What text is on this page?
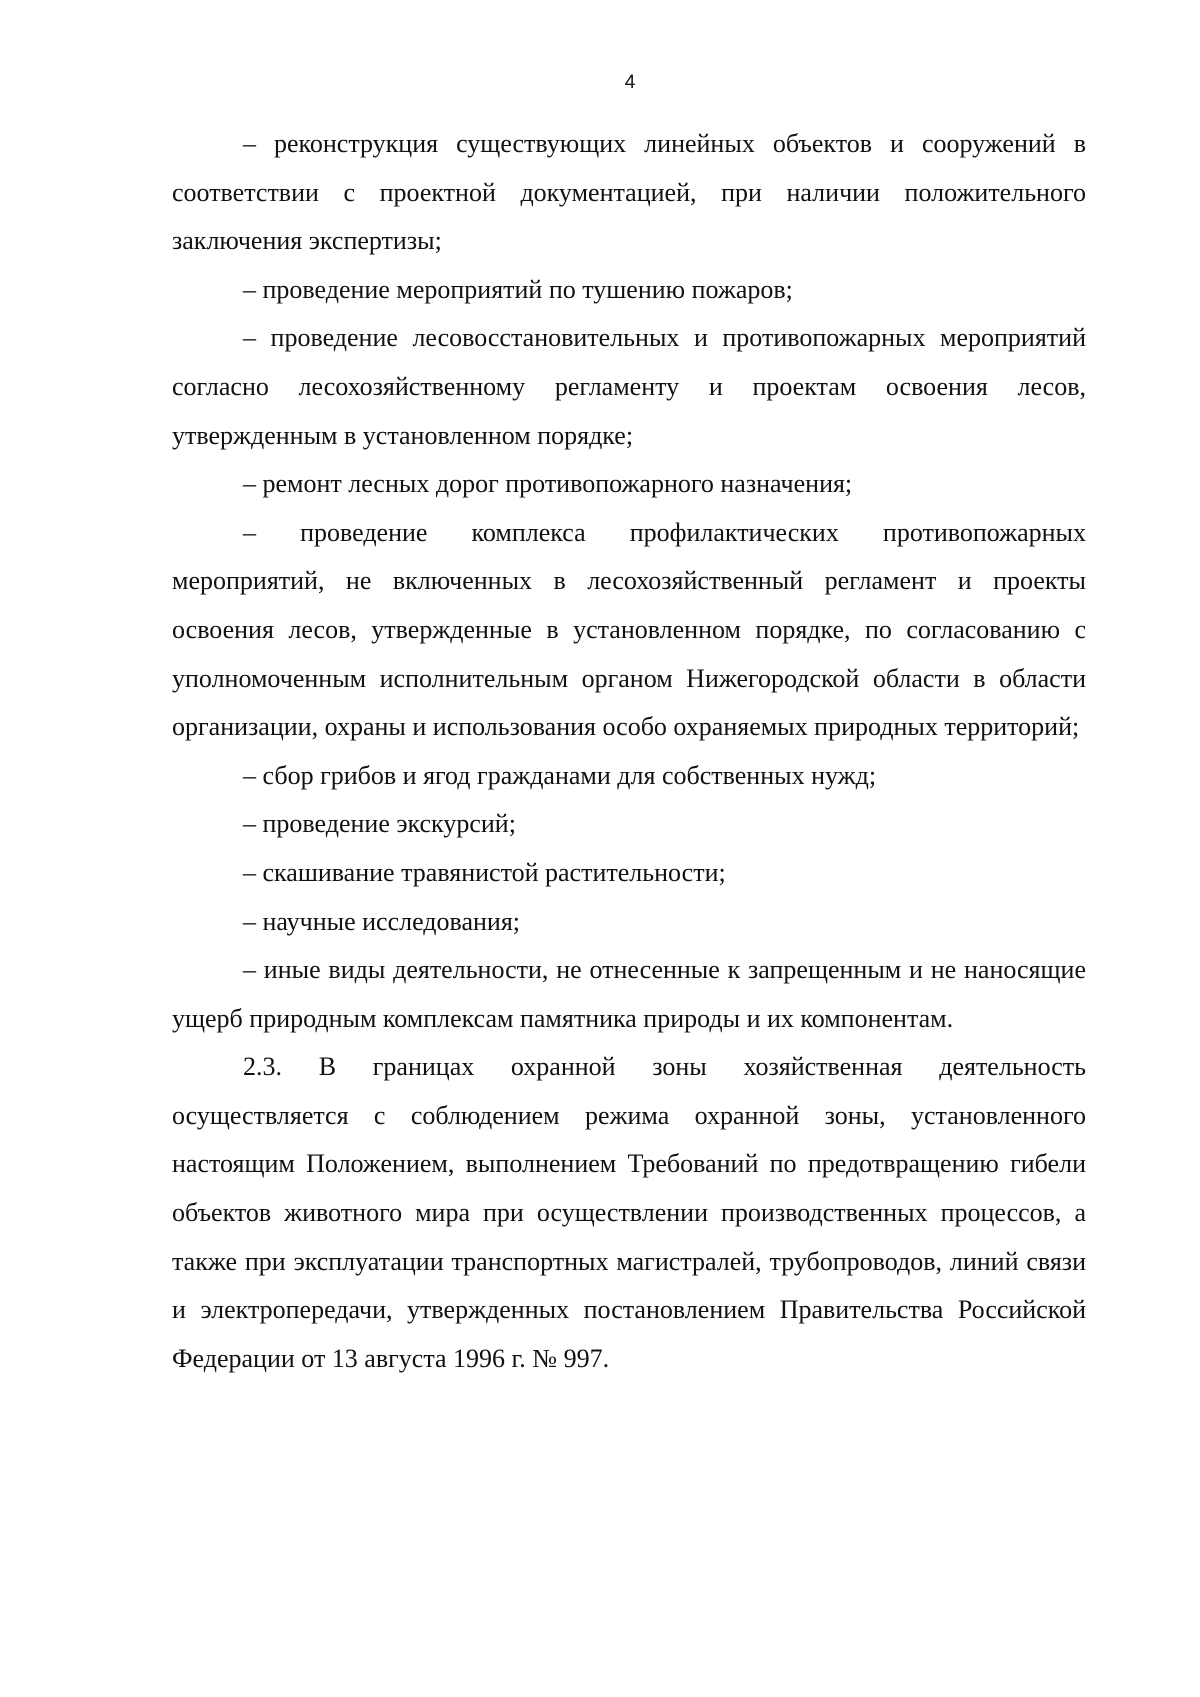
4

– реконструкция существующих линейных объектов и сооружений в соответствии с проектной документацией, при наличии положительного заключения экспертизы;

– проведение мероприятий по тушению пожаров;

– проведение лесовосстановительных и противопожарных мероприятий согласно лесохозяйственному регламенту и проектам освоения лесов, утвержденным в установленном порядке;

– ремонт лесных дорог противопожарного назначения;

– проведение комплекса профилактических противопожарных мероприятий, не включенных в лесохозяйственный регламент и проекты освоения лесов, утвержденные в установленном порядке, по согласованию с уполномоченным исполнительным органом Нижегородской области в области организации, охраны и использования особо охраняемых природных территорий;

– сбор грибов и ягод гражданами для собственных нужд;

– проведение экскурсий;

– скашивание травянистой растительности;

– научные исследования;

– иные виды деятельности, не отнесенные к запрещенным и не наносящие ущерб природным комплексам памятника природы и их компонентам.

2.3. В границах охранной зоны хозяйственная деятельность осуществляется с соблюдением режима охранной зоны, установленного настоящим Положением, выполнением Требований по предотвращению гибели объектов животного мира при осуществлении производственных процессов, а также при эксплуатации транспортных магистралей, трубопроводов, линий связи и электропередачи, утвержденных постановлением Правительства Российской Федерации от 13 августа 1996 г. № 997.
